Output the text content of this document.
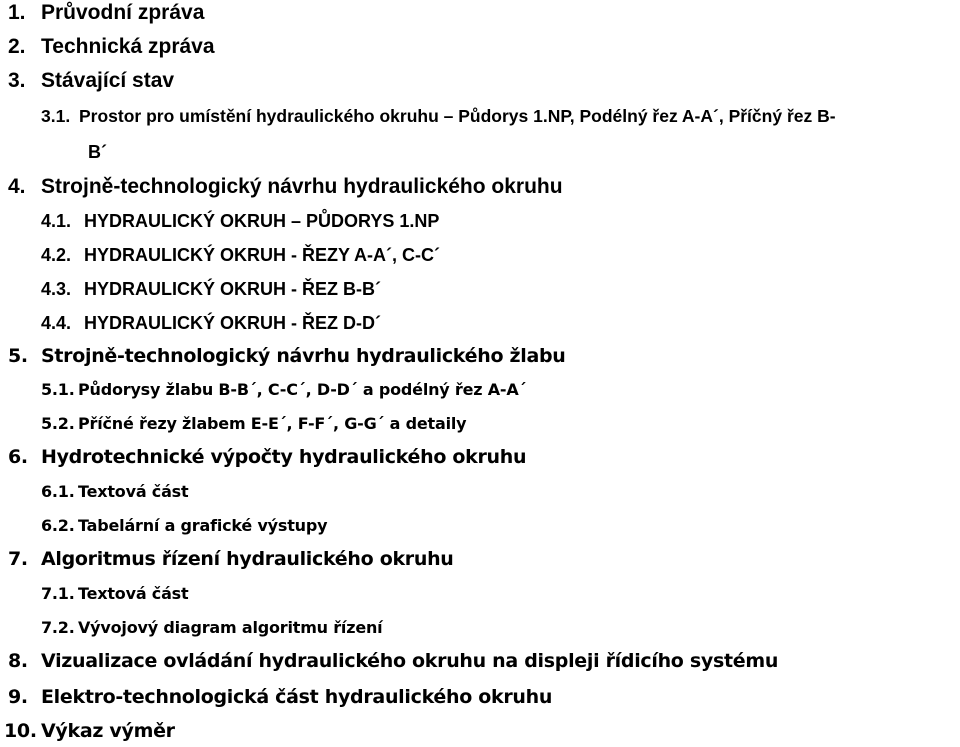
1. Průvodní zpráva
2. Technická zpráva
3. Stávající stav
3.1. Prostor pro umístění hydraulického okruhu – Půdorys 1.NP, Podélný řez A-A´, Příčný řez B-
B´
4. Strojně-technologický návrhu hydraulického okruhu
4.1. HYDRAULICKÝ OKRUH – PŮDORYS 1.NP
4.2. HYDRAULICKÝ OKRUH - ŘEZY A-A´, C-C´
4.3. HYDRAULICKÝ OKRUH - ŘEZ B-B´
4.4. HYDRAULICKÝ OKRUH - ŘEZ D-D´
5. Strojně-technologický návrhu hydraulického žlabu
5.1. Půdorysy žlabu B-B´, C-C´, D-D´ a podélný řez A-A´
5.2. Příčné řezy žlabem E-E´, F-F´, G-G´ a detaily
6. Hydrotechnické výpočty hydraulického okruhu
6.1. Textová část
6.2. Tabelární a grafické výstupy
7. Algoritmus řízení hydraulického okruhu
7.1. Textová část
7.2. Vývojový diagram algoritmu řízení
8. Vizualizace ovládání hydraulického okruhu na displeji řídicího systému
9. Elektro-technologická část hydraulického okruhu
10. Výkaz výměr
